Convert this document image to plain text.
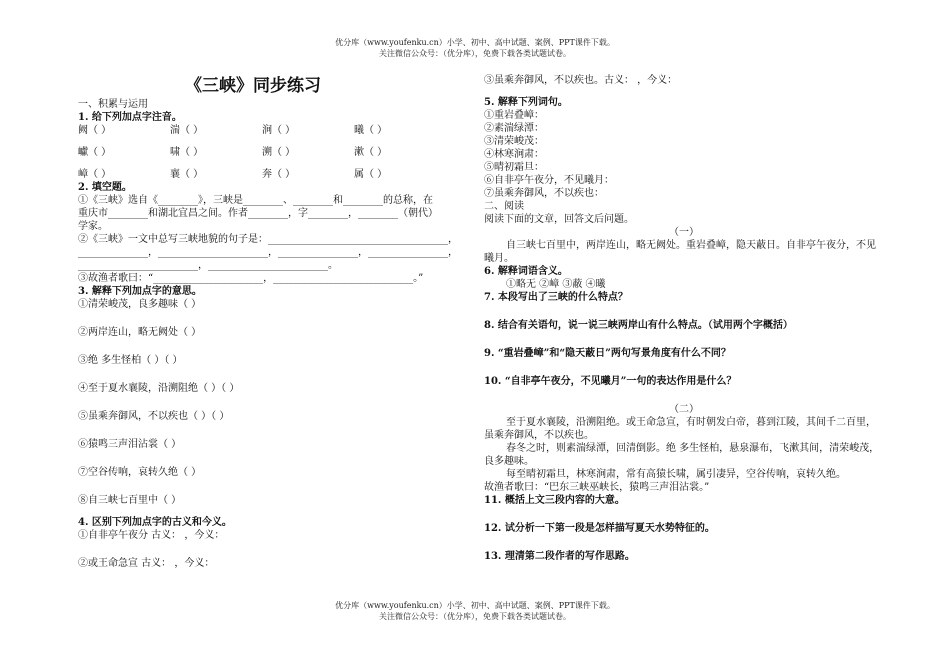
优分库（www.youfenku.cn）小学、初中、高中试题、案例、PPT课件下载。
关注微信公众号：（优分库），免费下载各类试题试卷。
《三峡》同步练习
一、积累与运用
1. 给下列加点字注音。
阙（ ）	湍（ ）	涧（ ）	曦（ ）
巘（ ）	啸（ ）	溯（ ）	漱（ ）
嶂（ ）	襄（ ）	奔（ ）	属（ ）
2. 填空题。
①《三峡》选自《________》，三峡是________、________和________的总称，在
重庆市________和湖北宜昌之间。作者________，字________，________（朝代）
学家。
②《三峡》一文中总写三峡地貌的句子是：____________________________________，
______________，______________________，________________，________________，
________________________，________________________。
③故渔者歌曰：“______________________，____________________________。”
3. 解释下列加点字的意思。
①清荣峻茂，良多趣味（ ）
②两岸连山，略无阙处（ ）
③绝 多生怪柏（ ）（ ）
④至于夏水襄陵，沿溯阻绝（ ）（ ）
⑤虽乘奔御风，不以疾也（ ）（ ）
⑥猿鸣三声泪沾裳（ ）
⑦空谷传响，哀转久绝（ ）
⑧自三峡七百里中（ ）
4. 区别下列加点字的古义和今义。
①自非亭午夜分 古义： ，今义：
②或王命急宣 古义： ，今义：
③虽乘奔御风，不以疾也。古义： ，今义：
5. 解释下列词句。
①重岩叠嶂：
②素湍绿潭：
③清荣峻茂：
④林寒涧肃：
⑤晴初霜旦：
⑥自非亭午夜分，不见曦月：
⑦虽乘奔御风，不以疾也：
二、阅读
阅读下面的文章，回答文后问题。
（一）
自三峡七百里中，两岸连山，略无阙处。重岩叠嶂，隐天蔽日。自非亭午夜分，不见曦月。
6. 解释词语含义。
①略无 ②嶂 ③蔽 ④曦
7. 本段写出了三峡的什么特点？
8. 结合有关语句，说一说三峡两岸山有什么特点。（试用两个字概括）
9. “重岩叠嶂”和“隐天蔽日”两句写景角度有什么不同？
10. “自非亭午夜分，不见曦月”一句的表达作用是什么？
（二）
至于夏水襄陵，沿溯阻绝。或王命急宣，有时朝发白帝，暮到江陵，其间千二百里，虽乘奔御风，不以疾也。
春冬之时，则素湍绿潭，回清倒影。绝 多生怪柏，悬泉瀑布，飞漱其间，清荣峻茂，良多趣味。
每至晴初霜旦，林寒涧肃，常有高猿长啸，属引凄异，空谷传响，哀转久绝。
故渔者歌曰：“巴东三峡巫峡长，猿鸣三声泪沾裳。”
11. 概括上文三段内容的大意。
12. 试分析一下第一段是怎样描写夏天水势特征的。
13. 理清第二段作者的写作思路。
优分库（www.youfenku.cn）小学、初中、高中试题、案例、PPT课件下载。
关注微信公众号：（优分库），免费下载各类试题试卷。
